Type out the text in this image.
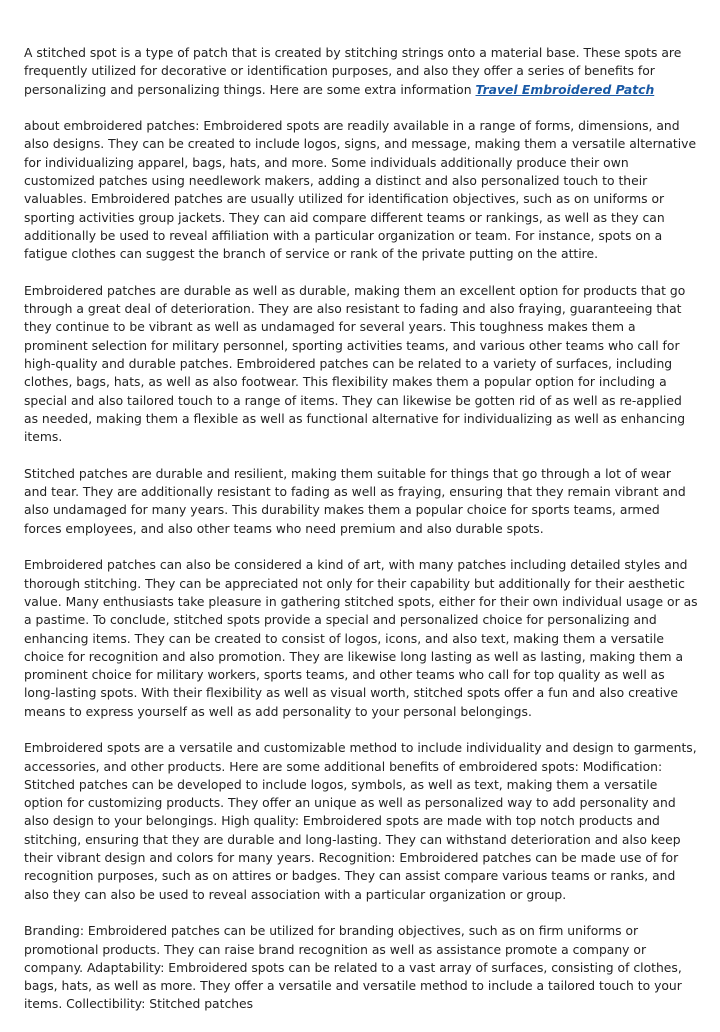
A stitched spot is a type of patch that is created by stitching strings onto a material base. These spots are frequently utilized for decorative or identification purposes, and also they offer a series of benefits for personalizing and personalizing things. Here are some extra information Travel Embroidered Patch

about embroidered patches: Embroidered spots are readily available in a range of forms, dimensions, and also designs. They can be created to include logos, signs, and message, making them a versatile alternative for individualizing apparel, bags, hats, and more. Some individuals additionally produce their own customized patches using needlework makers, adding a distinct and also personalized touch to their valuables. Embroidered patches are usually utilized for identification objectives, such as on uniforms or sporting activities group jackets. They can aid compare different teams or rankings, as well as they can additionally be used to reveal affiliation with a particular organization or team. For instance, spots on a fatigue clothes can suggest the branch of service or rank of the private putting on the attire.

Embroidered patches are durable as well as durable, making them an excellent option for products that go through a great deal of deterioration. They are also resistant to fading and also fraying, guaranteeing that they continue to be vibrant as well as undamaged for several years. This toughness makes them a prominent selection for military personnel, sporting activities teams, and various other teams who call for high-quality and durable patches. Embroidered patches can be related to a variety of surfaces, including clothes, bags, hats, as well as also footwear. This flexibility makes them a popular option for including a special and also tailored touch to a range of items. They can likewise be gotten rid of as well as re-applied as needed, making them a flexible as well as functional alternative for individualizing as well as enhancing items.

Stitched patches are durable and resilient, making them suitable for things that go through a lot of wear and tear. They are additionally resistant to fading as well as fraying, ensuring that they remain vibrant and also undamaged for many years. This durability makes them a popular choice for sports teams, armed forces employees, and also other teams who need premium and also durable spots.

Embroidered patches can also be considered a kind of art, with many patches including detailed styles and thorough stitching. They can be appreciated not only for their capability but additionally for their aesthetic value. Many enthusiasts take pleasure in gathering stitched spots, either for their own individual usage or as a pastime. To conclude, stitched spots provide a special and personalized choice for personalizing and enhancing items. They can be created to consist of logos, icons, and also text, making them a versatile choice for recognition and also promotion. They are likewise long lasting as well as lasting, making them a prominent choice for military workers, sports teams, and other teams who call for top quality as well as long-lasting spots. With their flexibility as well as visual worth, stitched spots offer a fun and also creative means to express yourself as well as add personality to your personal belongings.

Embroidered spots are a versatile and customizable method to include individuality and design to garments, accessories, and other products. Here are some additional benefits of embroidered spots: Modification: Stitched patches can be developed to include logos, symbols, as well as text, making them a versatile option for customizing products. They offer an unique as well as personalized way to add personality and also design to your belongings. High quality: Embroidered spots are made with top notch products and stitching, ensuring that they are durable and long-lasting. They can withstand deterioration and also keep their vibrant design and colors for many years. Recognition: Embroidered patches can be made use of for recognition purposes, such as on attires or badges. They can assist compare various teams or ranks, and also they can also be used to reveal association with a particular organization or group.

Branding: Embroidered patches can be utilized for branding objectives, such as on firm uniforms or promotional products. They can raise brand recognition as well as assistance promote a company or company. Adaptability: Embroidered spots can be related to a vast array of surfaces, consisting of clothes, bags, hats, as well as more. They offer a versatile and versatile method to include a tailored touch to your items. Collectibility: Stitched patches
